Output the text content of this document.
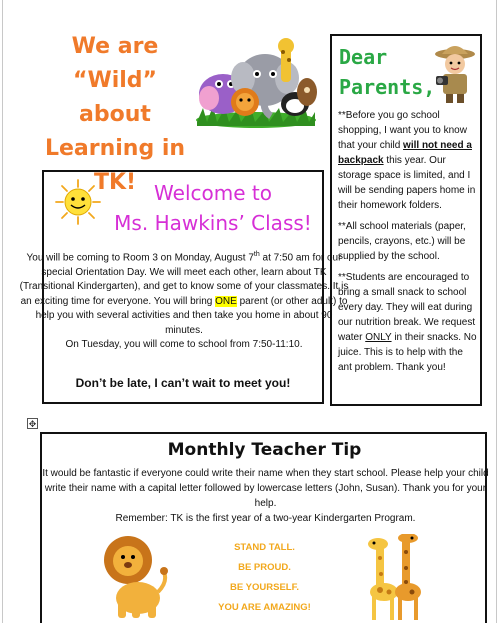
We are
“Wild” about
Learning in
TK!
Dear
Parents,

**Before you go school shopping, I want you to know that your child will not need a backpack this year. Our storage space is limited, and I will be sending papers home in their homework folders.

**All school materials (paper, pencils, crayons, etc.) will be supplied by the school.

**Students are encouraged to bring a small snack to school every day. They will eat during our nutrition break. We request water ONLY in their snacks. No juice. This is to help with the ant problem. Thank you!

Welcome to
Ms. Hawkins’ Class!
You will be coming to Room 3 on Monday, August 7th at 7:50 am for our special Orientation Day. We will meet each other, learn about TK (Transitional Kindergarten), and get to know some of your classmates. It is an exciting time for everyone. You will bring ONE parent (or other adult) to help you with several activities and then take you home in about 90 minutes.
On Tuesday, you will come to school from 7:50-11:10.
Don’t be late, I can’t wait to meet you!
✥
Monthly Teacher Tip
It would be fantastic if everyone could write their name when they start school. Please help your child write their name with a capital letter followed by lowercase letters (John, Susan). Thank you for your help.
Remember: TK is the first year of a two-year Kindergarten Program.
STAND TALL.
BE PROUD.
BE YOURSELF.
YOU ARE AMAZING!
